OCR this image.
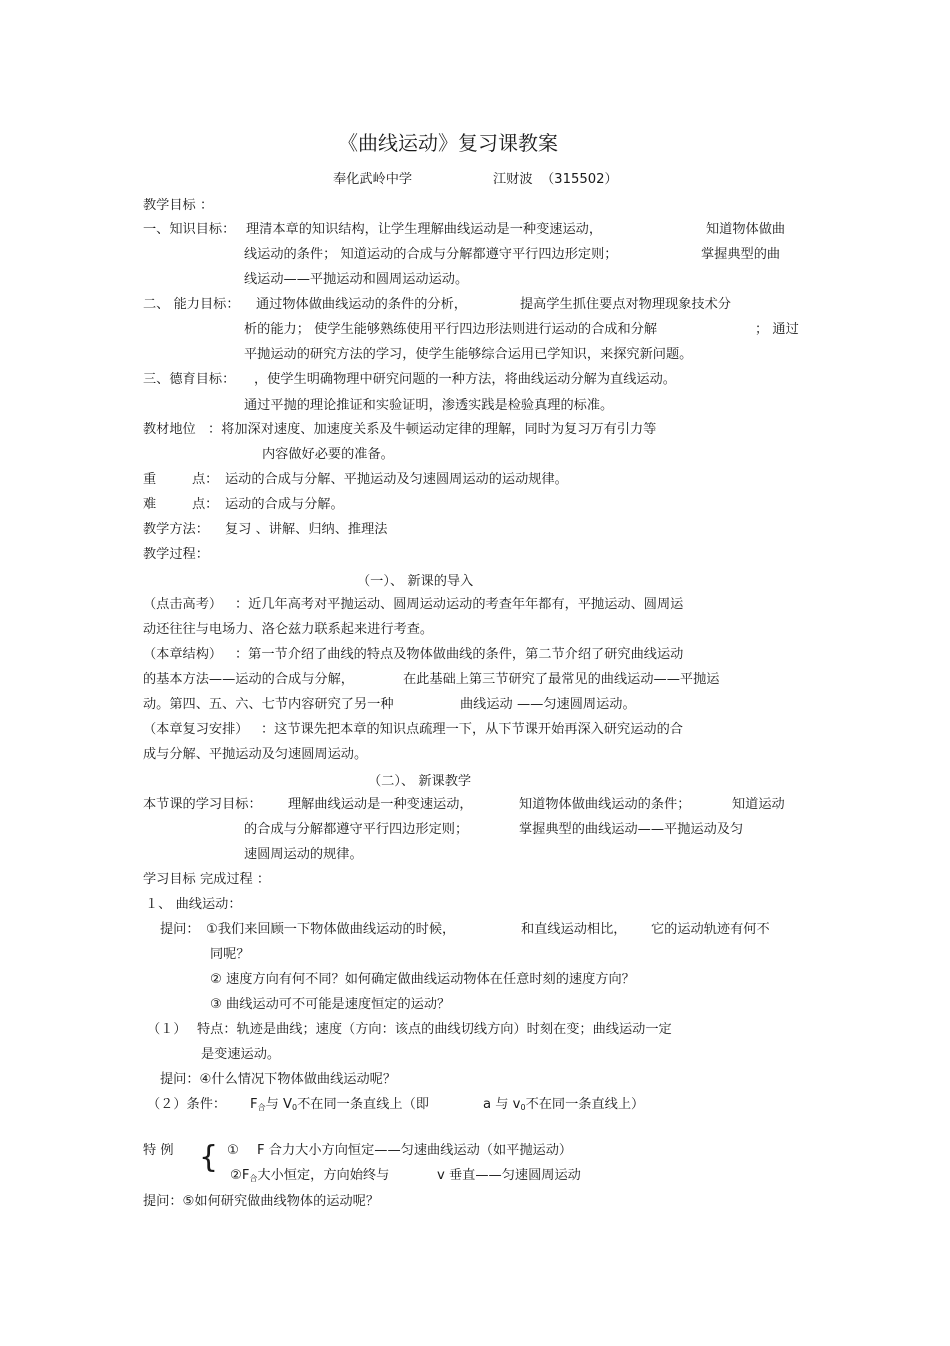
《曲线运动》复习课教案
奉化武岭中学	江财波 （315502）
教学目标 ：
一、知识目标： 理清本章的知识结构，让学生理解曲线运动是一种变速运动，	知道物体做曲
线运动的条件； 知道运动的合成与分解都遵守平行四边形定则；	掌握典型的曲
线运动——平抛运动和圆周运动运动。
二、 能力目标： 通过物体做曲线运动的条件的分析，	提高学生抓住要点对物理现象技术分
析的能力； 使学生能够熟练使用平行四边形法则进行运动的合成和分解	； 通过
平抛运动的研究方法的学习，使学生能够综合运用已学知识，来探究新问题。
三、德育目标： ，使学生明确物理中研究问题的一种方法，将曲线运动分解为直线运动。
通过平抛的理论推证和实验证明，渗透实践是检验真理的标准。
教材地位 ：将加深对速度、加速度关系及牛顿运动定律的理解，同时为复习万有引力等
内容做好必要的准备。
重	点： 运动的合成与分解、平抛运动及匀速圆周运动的运动规律。
难	点： 运动的合成与分解。
教学方法： 复习 、讲解、归纳、推理法
教学过程：
（一）、 新课的导入
（点击高考） ：近几年高考对平抛运动、圆周运动运动的考查年年都有，平抛运动、圆周运
动还往往与电场力、洛仑兹力联系起来进行考查。
（本章结构） ：第一节介绍了曲线的特点及物体做曲线的条件，第二节介绍了研究曲线运动
的基本方法——运动的合成与分解，	在此基础上第三节研究了最常见的曲线运动——平抛运
动。第四、五、六、七节内容研究了另一种	曲线运动 ——匀速圆周运动。
（本章复习安排） ：这节课先把本章的知识点疏理一下，从下节课开始再深入研究运动的合
成与分解、平抛运动及匀速圆周运动。
（二）、 新课教学
本节课的学习目标： 理解曲线运动是一种变速运动，	知道物体做曲线运动的条件；	知道运动
的合成与分解都遵守平行四边形定则；	掌握典型的曲线运动——平抛运动及匀
速圆周运动的规律。
学习目标 完成过程 ：
１、 曲线运动：
提问： ①我们来回顾一下物体做曲线运动的时候，	和直线运动相比， 它的运动轨迹有何不
同呢？
② 速度方向有何不同？如何确定做曲线运动物体在任意时刻的速度方向？
③ 曲线运动可不可能是速度恒定的运动？
（１） 特点：轨迹是曲线；速度（方向：该点的曲线切线方向）时刻在变；曲线运动一定
是变速运动。
提问：④什么情况下物体做曲线运动呢？
（２）条件： $F_合$与 $V_0$不在同一条直线上（即	a 与 $v_0$不在同一条直线上）
特 例 { ① F 合力大小方向恒定——匀速曲线运动（如平抛运动）
$②F_合$大小恒定，方向始终与	v 垂直——匀速圆周运动
提问：⑤如何研究做曲线物体的运动呢？
